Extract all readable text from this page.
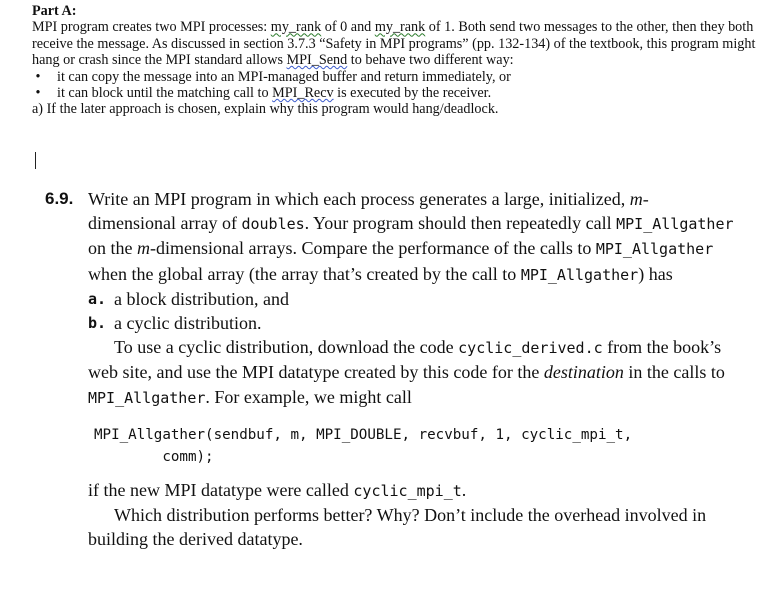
Part A:

MPI program creates two MPI processes: my_rank of 0 and my_rank of 1. Both send two messages to the other, then they both receive the message. As discussed in section 3.7.3 “Safety in MPI programs” (pp. 132-134) of the textbook, this program might hang or crash since the MPI standard allows MPI_Send to behave two different way:

• it can copy the message into an MPI-managed buffer and return immediately, or
• it can block until the matching call to MPI_Recv is executed by the receiver.

a) If the later approach is chosen, explain why this program would hang/deadlock.

6.9. Write an MPI program in which each process generates a large, initialized, m-dimensional array of doubles. Your program should then repeatedly call MPI_Allgather on the m-dimensional arrays. Compare the performance of the calls to MPI_Allgather when the global array (the array that’s created by the call to MPI_Allgather) has

a. a block distribution, and
b. a cyclic distribution.

To use a cyclic distribution, download the code cyclic_derived.c from the book’s web site, and use the MPI datatype created by this code for the destination in the calls to MPI_Allgather. For example, we might call

MPI_Allgather(sendbuf, m, MPI_DOUBLE, recvbuf, 1, cyclic_mpi_t,
comm);

if the new MPI datatype were called cyclic_mpi_t.

Which distribution performs better? Why? Don’t include the overhead involved in building the derived datatype.
